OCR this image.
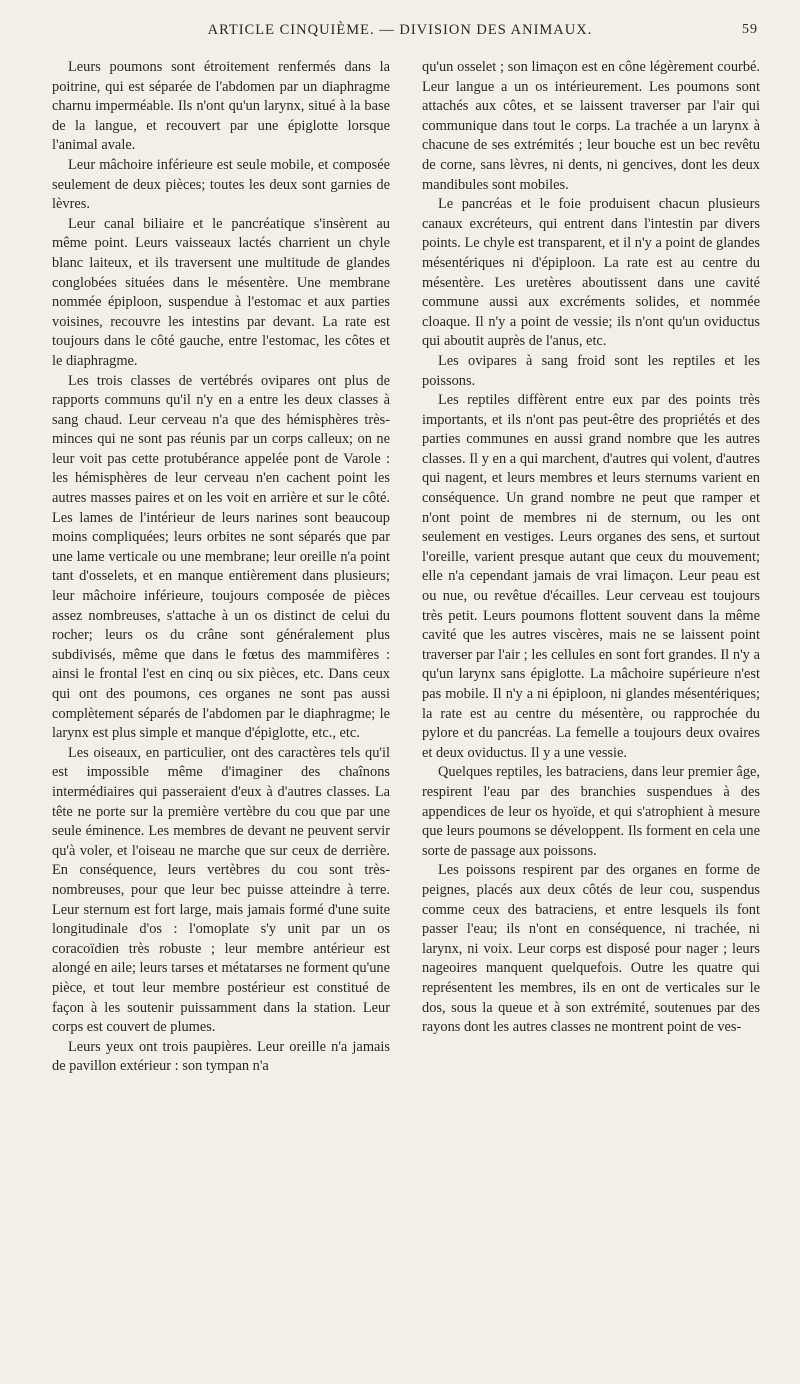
ARTICLE CINQUIÈME. — DIVISION DES ANIMAUX.	59

Leurs poumons sont étroitement renfermés dans la poitrine, qui est séparée de l'abdomen par un diaphragme charnu imperméable. Ils n'ont qu'un larynx, situé à la base de la langue, et recouvert par une épiglotte lorsque l'animal avale.

Leur mâchoire inférieure est seule mobile, et composée seulement de deux pièces; toutes les deux sont garnies de lèvres.

Leur canal biliaire et le pancréatique s'insèrent au même point. Leurs vaisseaux lactés charrient un chyle blanc laiteux, et ils traversent une multitude de glandes conglobées situées dans le mésentère. Une membrane nommée épiploon, suspendue à l'estomac et aux parties voisines, recouvre les intestins par devant. La rate est toujours dans le côté gauche, entre l'estomac, les côtes et le diaphragme.

Les trois classes de vertébrés ovipares ont plus de rapports communs qu'il n'y en a entre les deux classes à sang chaud. Leur cerveau n'a que des hémisphères très-minces qui ne sont pas réunis par un corps calleux; on ne leur voit pas cette protubérance appelée pont de Varole : les hémisphères de leur cerveau n'en cachent point les autres masses paires et on les voit en arrière et sur le côté. Les lames de l'intérieur de leurs narines sont beaucoup moins compliquées; leurs orbites ne sont séparés que par une lame verticale ou une membrane; leur oreille n'a point tant d'osselets, et en manque entièrement dans plusieurs; leur mâchoire inférieure, toujours composée de pièces assez nombreuses, s'attache à un os distinct de celui du rocher; leurs os du crâne sont généralement plus subdivisés, même que dans le fœtus des mammifères : ainsi le frontal l'est en cinq ou six pièces, etc. Dans ceux qui ont des poumons, ces organes ne sont pas aussi complètement séparés de l'abdomen par le diaphragme; le larynx est plus simple et manque d'épiglotte, etc., etc.

Les oiseaux, en particulier, ont des caractères tels qu'il est impossible même d'imaginer des chaînons intermédiaires qui passeraient d'eux à d'autres classes. La tête ne porte sur la première vertèbre du cou que par une seule éminence. Les membres de devant ne peuvent servir qu'à voler, et l'oiseau ne marche que sur ceux de derrière. En conséquence, leurs vertèbres du cou sont très-nombreuses, pour que leur bec puisse atteindre à terre. Leur sternum est fort large, mais jamais formé d'une suite longitudinale d'os : l'omoplate s'y unit par un os coracoïdien très robuste ; leur membre antérieur est alongé en aile; leurs tarses et métatarses ne forment qu'une pièce, et tout leur membre postérieur est constitué de façon à les soutenir puissamment dans la station. Leur corps est couvert de plumes.

Leurs yeux ont trois paupières. Leur oreille n'a jamais de pavillon extérieur : son tympan n'a

qu'un osselet ; son limaçon est en cône légèrement courbé. Leur langue a un os intérieurement. Les poumons sont attachés aux côtes, et se laissent traverser par l'air qui communique dans tout le corps. La trachée a un larynx à chacune de ses extrémités ; leur bouche est un bec revêtu de corne, sans lèvres, ni dents, ni gencives, dont les deux mandibules sont mobiles.

Le pancréas et le foie produisent chacun plusieurs canaux excréteurs, qui entrent dans l'intestin par divers points. Le chyle est transparent, et il n'y a point de glandes mésentériques ni d'épiploon. La rate est au centre du mésentère. Les uretères aboutissent dans une cavité commune aussi aux excréments solides, et nommée cloaque. Il n'y a point de vessie; ils n'ont qu'un oviductus qui aboutit auprès de l'anus, etc.

Les ovipares à sang froid sont les reptiles et les poissons.

Les reptiles diffèrent entre eux par des points très importants, et ils n'ont pas peut-être des propriétés et des parties communes en aussi grand nombre que les autres classes. Il y en a qui marchent, d'autres qui volent, d'autres qui nagent, et leurs membres et leurs sternums varient en conséquence. Un grand nombre ne peut que ramper et n'ont point de membres ni de sternum, ou les ont seulement en vestiges. Leurs organes des sens, et surtout l'oreille, varient presque autant que ceux du mouvement; elle n'a cependant jamais de vrai limaçon. Leur peau est ou nue, ou revêtue d'écailles. Leur cerveau est toujours très petit. Leurs poumons flottent souvent dans la même cavité que les autres viscères, mais ne se laissent point traverser par l'air ; les cellules en sont fort grandes. Il n'y a qu'un larynx sans épiglotte. La mâchoire supérieure n'est pas mobile. Il n'y a ni épiploon, ni glandes mésentériques; la rate est au centre du mésentère, ou rapprochée du pylore et du pancréas. La femelle a toujours deux ovaires et deux oviductus. Il y a une vessie.

Quelques reptiles, les batraciens, dans leur premier âge, respirent l'eau par des branchies suspendues à des appendices de leur os hyoïde, et qui s'atrophient à mesure que leurs poumons se développent. Ils forment en cela une sorte de passage aux poissons.

Les poissons respirent par des organes en forme de peignes, placés aux deux côtés de leur cou, suspendus comme ceux des batraciens, et entre lesquels ils font passer l'eau; ils n'ont en conséquence, ni trachée, ni larynx, ni voix. Leur corps est disposé pour nager ; leurs nageoires manquent quelquefois. Outre les quatre qui représentent les membres, ils en ont de verticales sur le dos, sous la queue et à son extrémité, soutenues par des rayons dont les autres classes ne montrent point de ves-
